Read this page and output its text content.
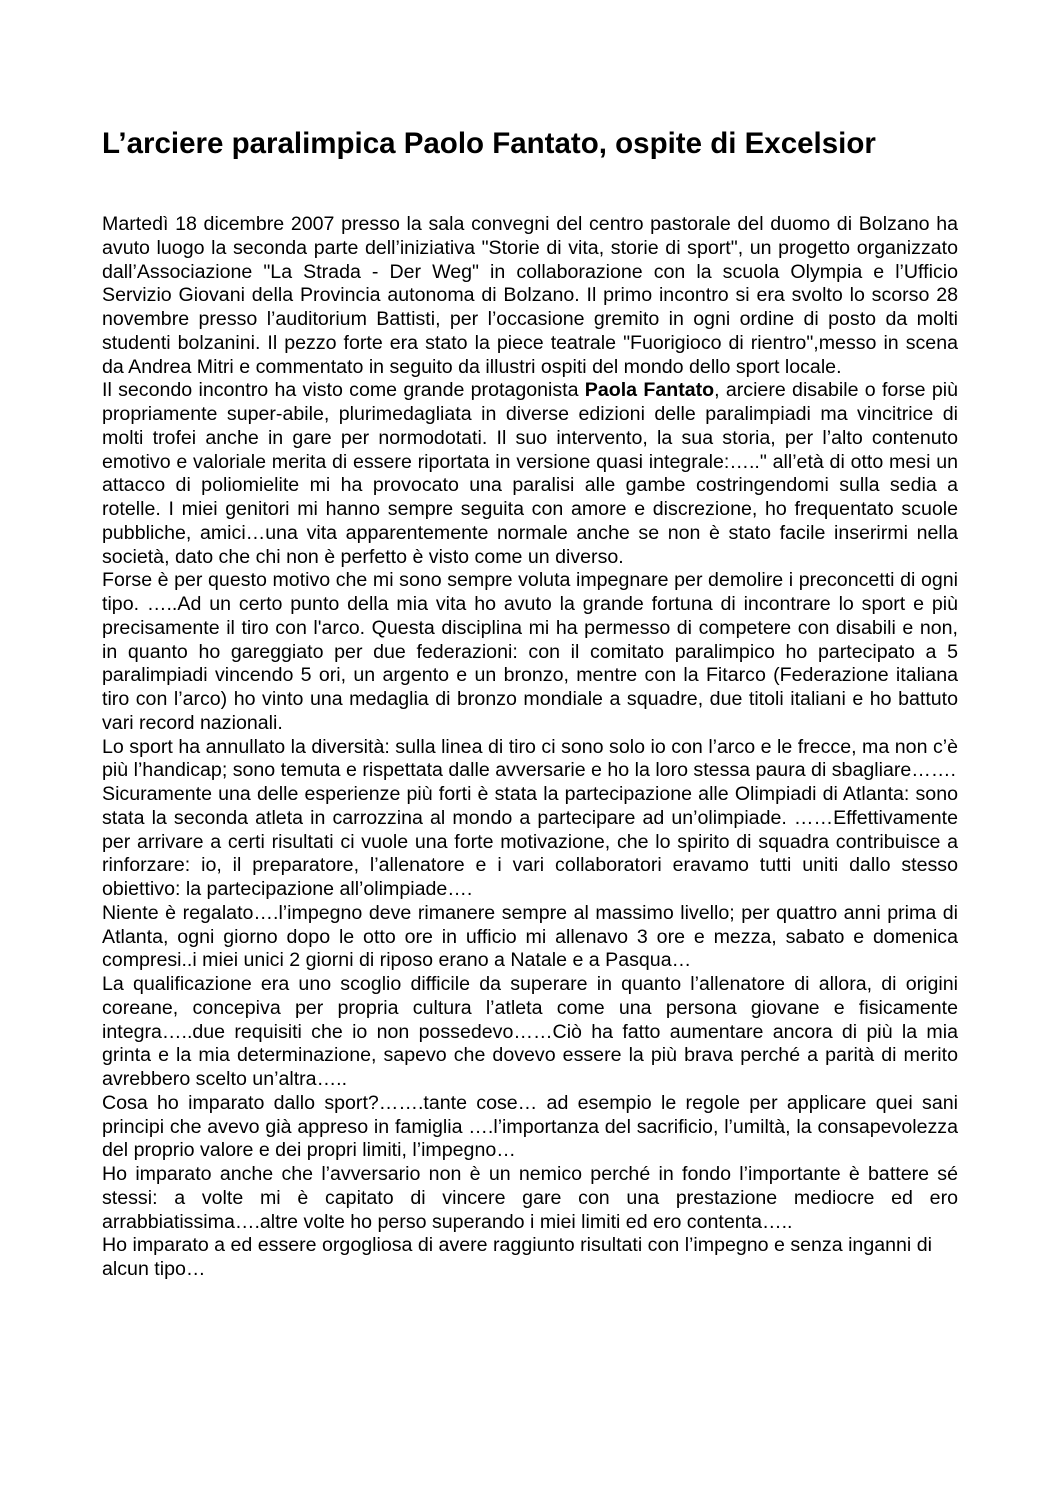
L’arciere paralimpica Paolo Fantato, ospite di Excelsior

Martedì 18 dicembre 2007 presso la sala convegni del centro pastorale del duomo di Bolzano ha avuto luogo la seconda parte dell’iniziativa "Storie di vita, storie di sport", un progetto organizzato dall’Associazione "La Strada - Der Weg" in collaborazione con la scuola Olympia e l’Ufficio Servizio Giovani della Provincia autonoma di Bolzano. Il primo incontro si era svolto lo scorso 28 novembre presso l’auditorium Battisti, per l’occasione gremito in ogni ordine di posto da molti studenti bolzanini. Il pezzo forte era stato la piece teatrale "Fuorigioco di rientro",messo in scena da Andrea Mitri e commentato in seguito da illustri ospiti del mondo dello sport locale.

Il secondo incontro ha visto come grande protagonista Paola Fantato, arciere disabile o forse più propriamente super-abile, plurimedagliata in diverse edizioni delle paralimpiadi ma vincitrice di molti trofei anche in gare per normodotati. Il suo intervento, la sua storia, per l’alto contenuto emotivo e valoriale merita di essere riportata in versione quasi integrale:….." all’età di otto mesi un attacco di poliomielite mi ha provocato una paralisi alle gambe costringendomi sulla sedia a rotelle. I miei genitori mi hanno sempre seguita con amore e discrezione, ho frequentato scuole pubbliche, amici…una vita apparentemente normale anche se non è stato facile inserirmi nella società, dato che chi non è perfetto è visto come un diverso.

Forse è per questo motivo che mi sono sempre voluta impegnare per demolire i preconcetti di ogni tipo. …..Ad un certo punto della mia vita ho avuto la grande fortuna di incontrare lo sport e più precisamente il tiro con l'arco. Questa disciplina mi ha permesso di competere con disabili e non, in quanto ho gareggiato per due federazioni: con il comitato paralimpico ho partecipato a 5 paralimpiadi vincendo 5 ori, un argento e un bronzo, mentre con la Fitarco (Federazione italiana tiro con l’arco) ho vinto una medaglia di bronzo mondiale a squadre, due titoli italiani e ho battuto vari record nazionali.

Lo sport ha annullato la diversità: sulla linea di tiro ci sono solo io con l’arco e le frecce, ma non c’è più l’handicap; sono temuta e rispettata dalle avversarie e ho la loro stessa paura di sbagliare…….

Sicuramente una delle esperienze più forti è stata la partecipazione alle Olimpiadi di Atlanta: sono stata la seconda atleta in carrozzina al mondo a partecipare ad un’olimpiade. ……Effettivamente per arrivare a certi risultati ci vuole una forte motivazione, che lo spirito di squadra contribuisce a rinforzare: io, il preparatore, l’allenatore e i vari collaboratori eravamo tutti uniti dallo stesso obiettivo: la partecipazione all’olimpiade….

Niente è regalato….l’impegno deve rimanere sempre al massimo livello; per quattro anni prima di Atlanta, ogni giorno dopo le otto ore in ufficio mi allenavo 3 ore e mezza, sabato e domenica compresi..i miei unici 2 giorni di riposo erano a Natale e a Pasqua…

La qualificazione era uno scoglio difficile da superare in quanto l’allenatore di allora, di origini coreane, concepiva per propria cultura l’atleta come una persona giovane e fisicamente integra…..due requisiti che io non possedevo……Ciò ha fatto aumentare ancora di più la mia grinta e la mia determinazione, sapevo che dovevo essere la più brava perché a parità di merito avrebbero scelto un’altra…..

Cosa ho imparato dallo sport?…….tante cose… ad esempio le regole per applicare quei sani principi che avevo già appreso in famiglia ….l’importanza del sacrificio, l’umiltà, la consapevolezza del proprio valore e dei propri limiti, l’impegno…

Ho imparato anche che l’avversario non è un nemico perché in fondo l’importante è battere sé stessi: a volte mi è capitato di vincere gare con una prestazione mediocre ed ero arrabbiatissima….altre volte ho perso superando i miei limiti ed ero contenta…..

Ho imparato a ed essere orgogliosa di avere raggiunto risultati con l’impegno e senza inganni di alcun tipo…
